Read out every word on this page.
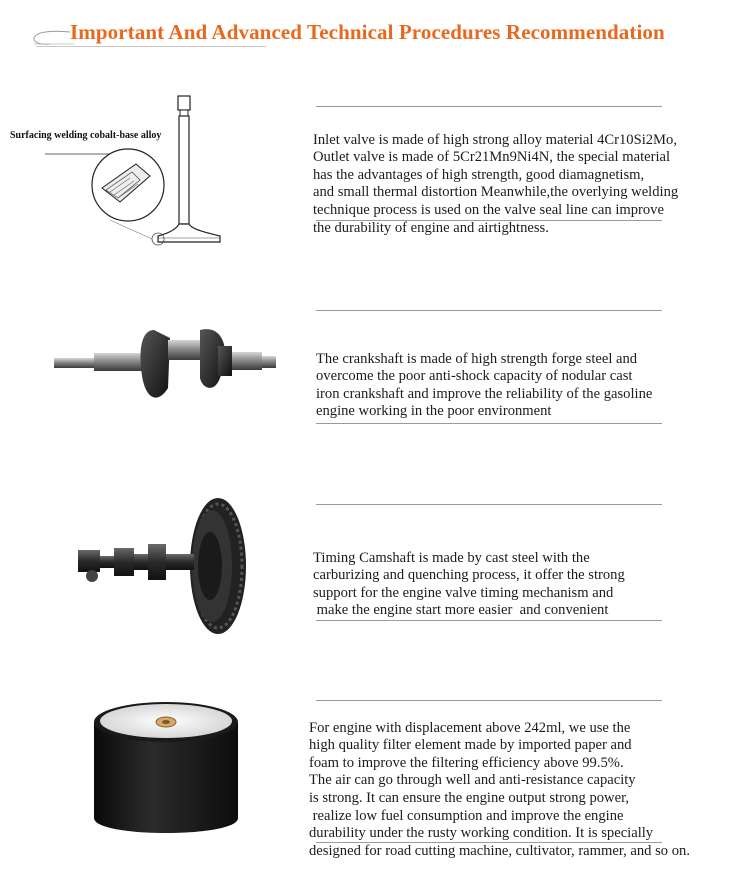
Important And Advanced Technical Procedures Recommendation

Inlet valve is made of high strong alloy material 4Cr10Si2Mo,
Outlet valve is made of 5Cr21Mn9Ni4N, the special material
has the advantages of high strength, good diamagnetism,
and small thermal distortion Meanwhile,the overlying welding
technique process is used on the valve seal line can improve
the durability of engine and airtightness.

Surfacing welding cobalt-base alloy

The crankshaft is made of high strength forge steel and
overcome the poor anti-shock capacity of nodular cast
iron crankshaft and improve the reliability of the gasoline
engine working in the poor environment

Timing Camshaft is made by cast steel with the
carburizing and quenching process, it offer the strong
support for the engine valve timing mechanism and
make the engine start more easier  and convenient

For engine with displacement above 242ml, we use the
high quality filter element made by imported paper and
foam to improve the filtering efficiency above 99.5%.
The air can go through well and anti-resistance capacity
is strong. It can ensure the engine output strong power,
realize low fuel consumption and improve the engine
durability under the rusty working condition. It is specially
designed for road cutting machine, cultivator, rammer, and so on.
